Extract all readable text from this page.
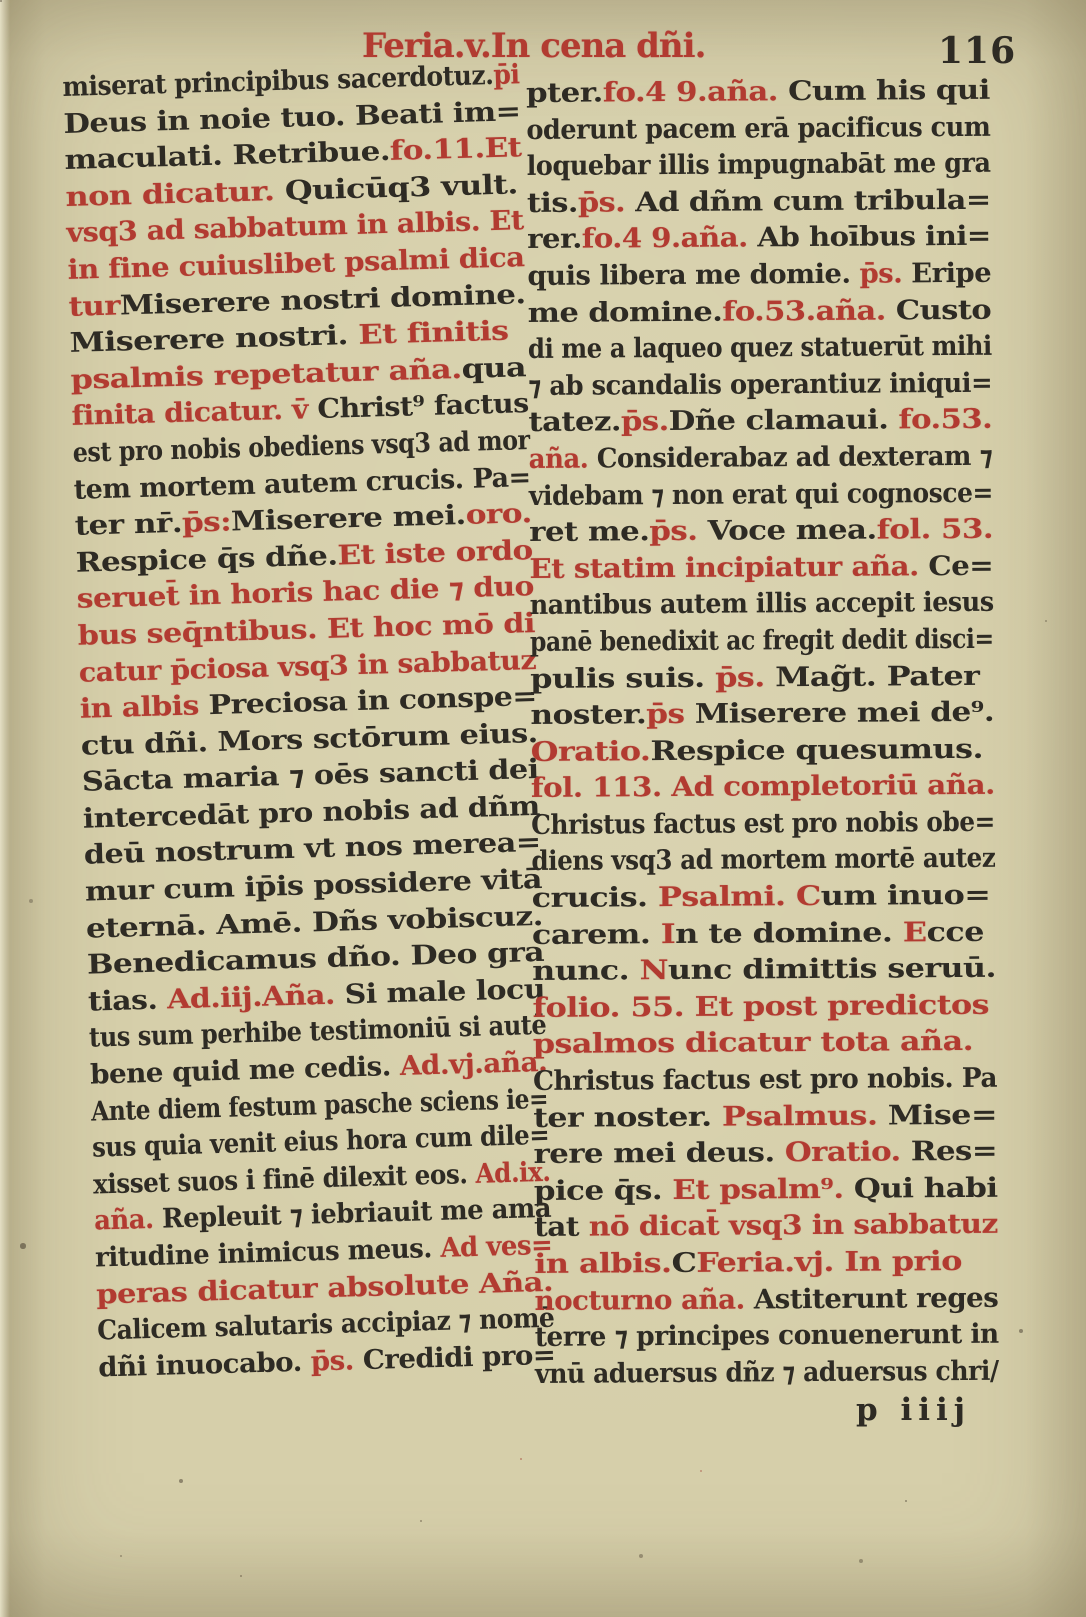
Feria.v.In cena dñi.	116
miserat principibus sacerdotuz.p̄i
Deus in noie tuo. Beati im=
maculati. Retribue.fo.11.Et
non dicatur. Quicūq3 vult.
vsq3 ad sabbatum in albis. Et
in fine cuiuslibet psalmi dica
turMiserere nostri domine.
Miserere nostri. Et finitis
psalmis repetatur aña.qua
finita dicatur. v̄ Christ⁹ factus
est pro nobis obediens vsq3 ad mor
tem mortem autem crucis. Pa=
ter nr̄.p̄s:Miserere mei.oro.
Respice q̄s dñe.Et iste ordo
seruet̄ in horis hac die ⁊ duo
bus seq̄ntibus. Et hoc mō di
catur p̄ciosa vsq3 in sabbatuz
in albis Preciosa in conspe=
ctu dñi. Mors sctōrum eius.
Sācta maria ⁊ oēs sancti dei
intercedāt pro nobis ad dñm
deū nostrum vt nos merea=
mur cum ip̄is possidere vitā
eternā. Amē. Dñs vobiscuz.
Benedicamus dño. Deo gra
tias. Ad.iij.Aña. Si male locu
tus sum perhibe testimoniū si autē
bene quid me cedis. Ad.vj.aña.
Ante diem festum pasche sciens ie=
sus quia venit eius hora cum dile=
xisset suos i finē dilexit eos. Ad.ix.
aña. Repleuit ⁊ iebriauit me ama
ritudine inimicus meus. Ad ves=
peras dicatur absolute Aña.
Calicem salutaris accipiaz ⁊ nomē
dñi inuocabo. p̄s. Credidi pro=
pter.fo.4 9.aña. Cum his qui
oderunt pacem erā pacificus cum
loquebar illis impugnabāt me gra
tis.p̄s. Ad dñm cum tribula=
rer.fo.4 9.aña. Ab hoībus ini=
quis libera me domie. p̄s. Eripe
me domine.fo.53.aña. Custo
di me a laqueo quez statuerūt mihi
⁊ ab scandalis operantiuz iniqui=
tatez.p̄s.Dñe clamaui. fo.53.
aña. Considerabaz ad dexteram ⁊
videbam ⁊ non erat qui cognosce=
ret me.p̄s. Voce mea.fol. 53.
Et statim incipiatur aña. Ce=
nantibus autem illis accepit iesus
panē benedixit ac fregit dedit disci=
pulis suis. p̄s. Mag̃t. Pater
noster.p̄s Miserere mei de⁹.
Oratio.Respice quesumus.
fol. 113. Ad completoriū aña.
Christus factus est pro nobis obe=
diens vsq3 ad mortem mortē autez
crucis. Psalmi. Cum inuo=
carem. In te domine. Ecce
nunc. Nunc dimittis seruū.
folio. 55. Et post predictos
psalmos dicatur tota aña.
Christus factus est pro nobis. Pa
ter noster. Psalmus. Mise=
rere mei deus. Oratio. Res=
pice q̄s. Et psalm⁹. Qui habi
tat nō dicat̄ vsq3 in sabbatuz
in albis.CFeria.vj. In prio
nocturno aña. Astiterunt reges
terre ⁊ principes conuenerunt in
vnū aduersus dñz ⁊ aduersus chri/
p iiij
